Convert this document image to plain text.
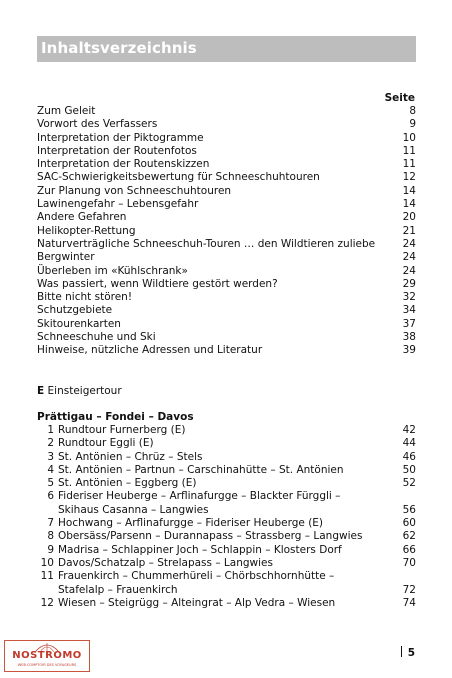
Inhaltsverzeichnis
Seite
Zum Geleit	8
Vorwort des Verfassers	9
Interpretation der Piktogramme	10
Interpretation der Routenfotos	11
Interpretation der Routenskizzen	11
SAC-Schwierigkeitsbewertung für Schneeschuhtouren	12
Zur Planung von Schneeschuhtouren	14
Lawinengefahr – Lebensgefahr	14
Andere Gefahren	20
Helikopter-Rettung	21
Naturverträgliche Schneeschuh-Touren … den Wildtieren zuliebe	24
Bergwinter	24
Überleben im «Kühlschrank»	24
Was passiert, wenn Wildtiere gestört werden?	29
Bitte nicht stören!	32
Schutzgebiete	34
Skitourenkarten	37
Schneeschuhe und Ski	38
Hinweise, nützliche Adressen und Literatur	39
E Einsteigertour
Prättigau – Fondei – Davos
1 Rundtour Furnerberg (E)	42
2 Rundtour Eggli (E)	44
3 St. Antönien – Chrüz – Stels	46
4 St. Antönien – Partnun – Carschinahütte – St. Antönien	50
5 St. Antönien – Eggberg (E)	52
6 Fideriser Heuberge – Arflinafurgge – Blackter Fürggli –
Skihaus Casanna – Langwies	56
7 Hochwang – Arflinafurgge – Fideriser Heuberge (E)	60
8 Obersäss/Parsenn – Durannapass – Strassberg – Langwies	62
9 Madrisa – Schlappiner Joch – Schlappin – Klosters Dorf	66
10 Davos/Schatzalp – Strelapass – Langwies	70
11 Frauenkirch – Chummerhüreli – Chörbschhornhütte –
Stafelalp – Frauenkirch	72
12 Wiesen – Steigrügg – Alteingrat – Alp Vedra – Wiesen	74
NOSTROMO
WEB COMPTOIR DES VOYAGEURS
5
